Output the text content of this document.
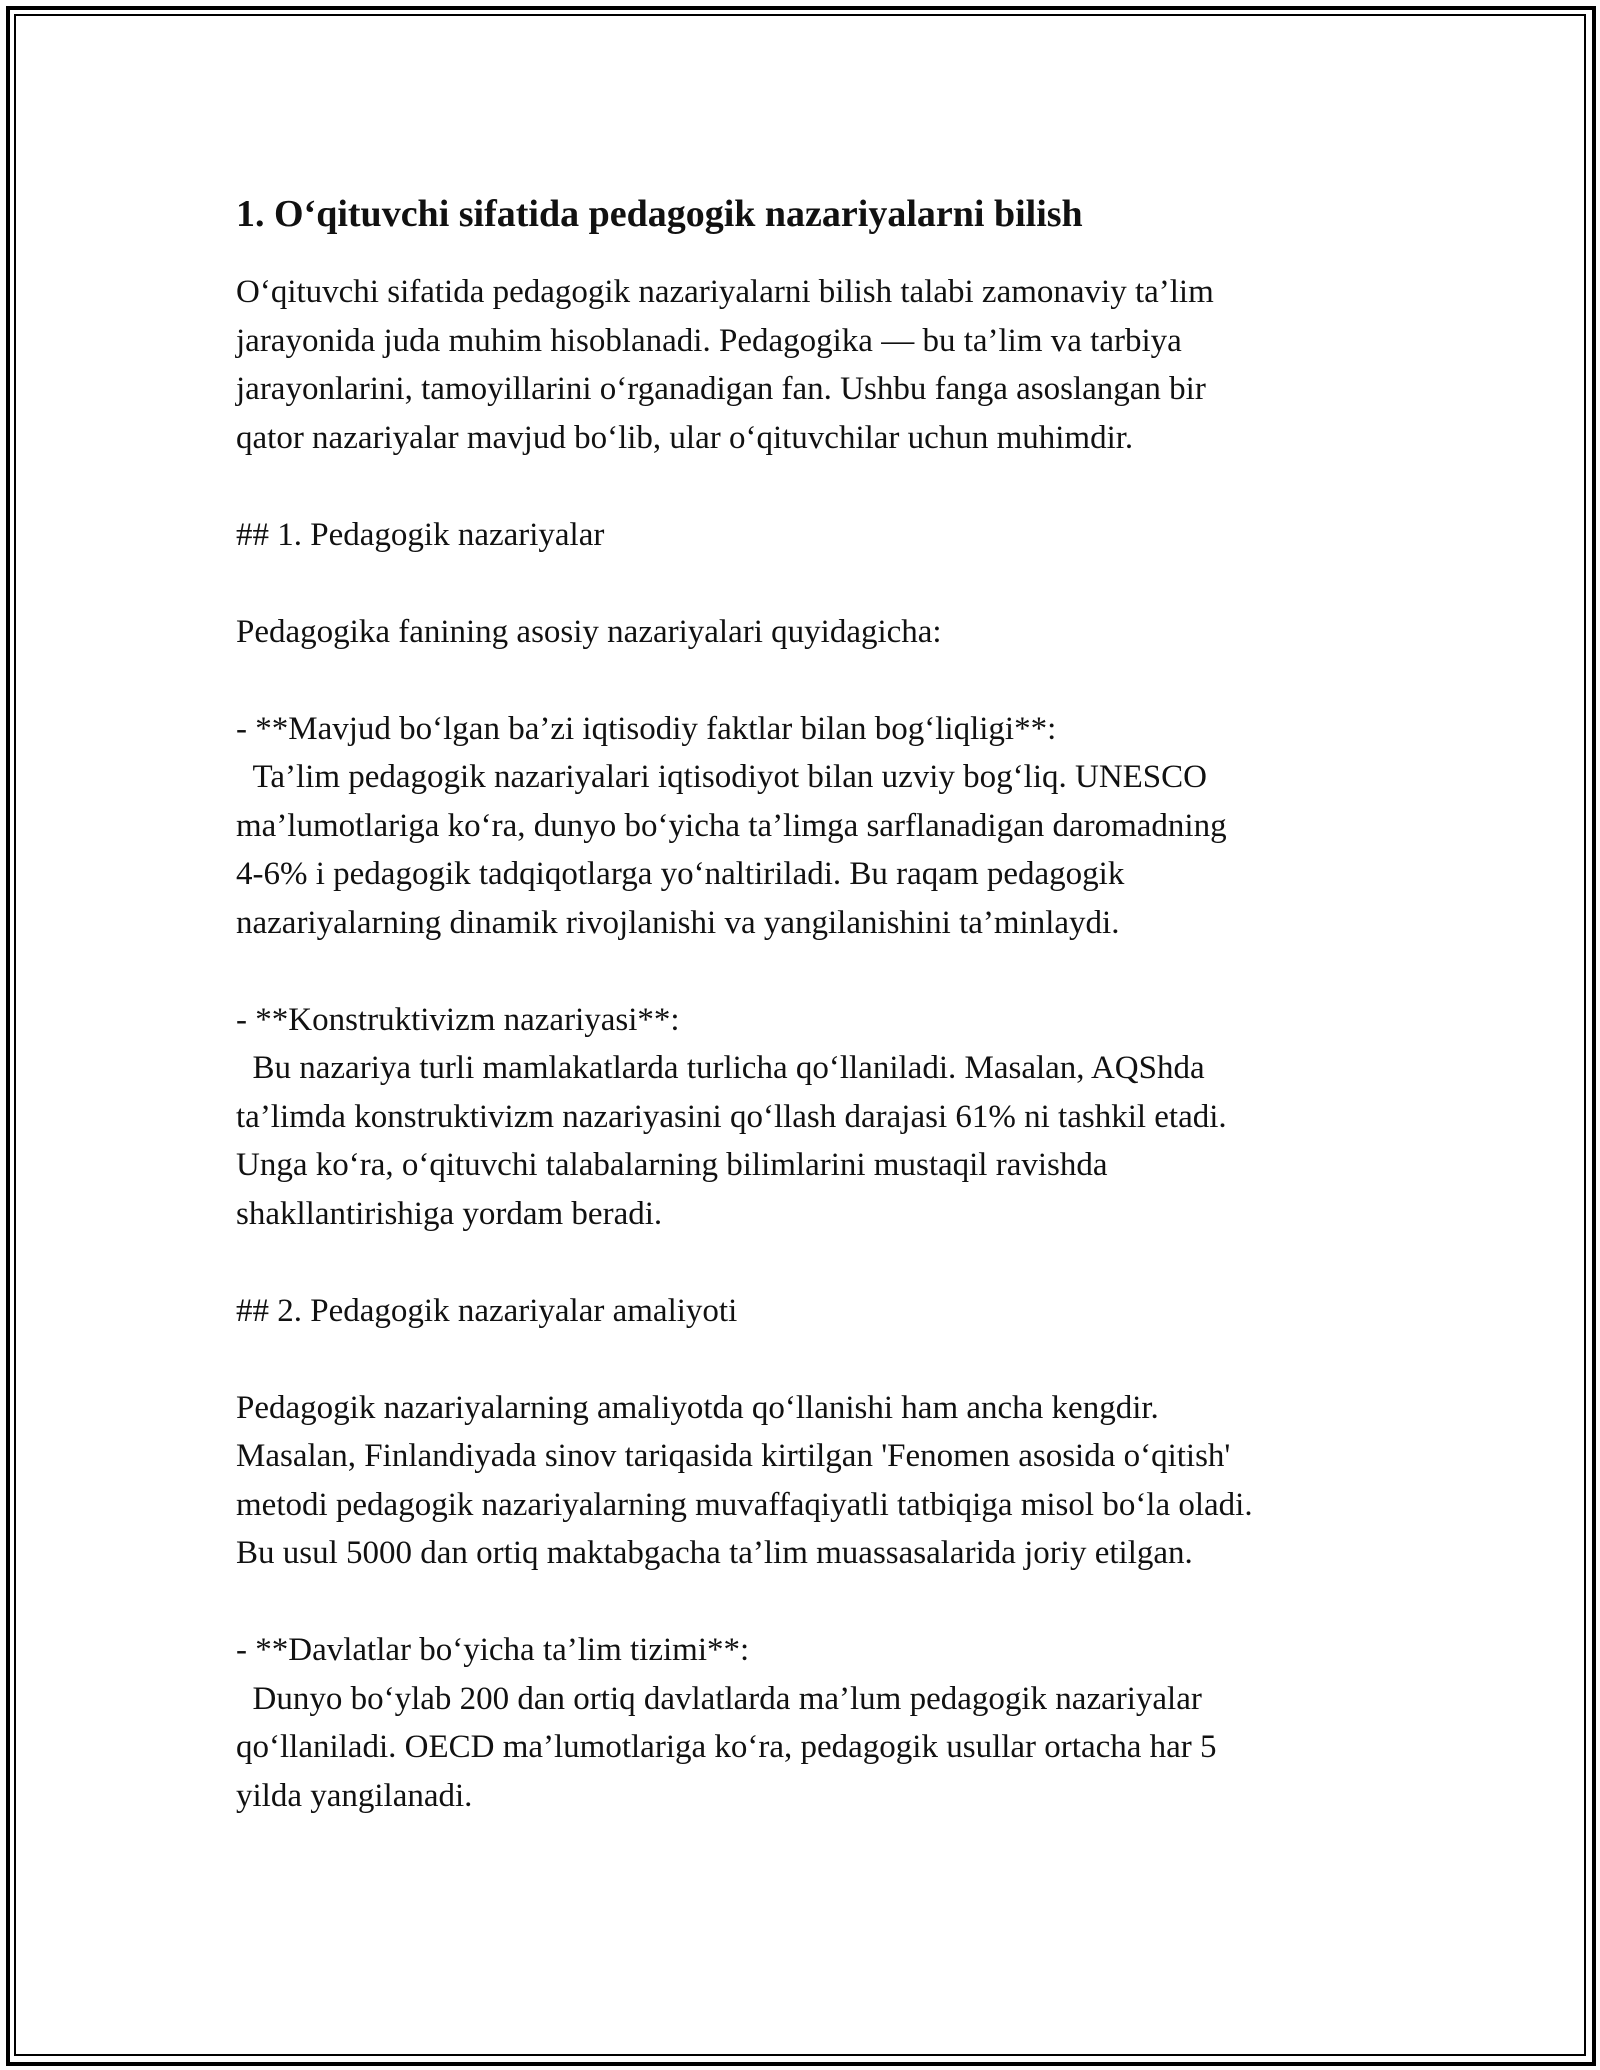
1. O‘qituvchi sifatida pedagogik nazariyalarni bilish

O‘qituvchi sifatida pedagogik nazariyalarni bilish talabi zamonaviy ta’lim
jarayonida juda muhim hisoblanadi. Pedagogika — bu ta’lim va tarbiya
jarayonlarini, tamoyillarini o‘rganadigan fan. Ushbu fanga asoslangan bir
qator nazariyalar mavjud bo‘lib, ular o‘qituvchilar uchun muhimdir.

## 1. Pedagogik nazariyalar

Pedagogika fanining asosiy nazariyalari quyidagicha:

- **Mavjud bo‘lgan ba’zi iqtisodiy faktlar bilan bog‘liqligi**:
Ta’lim pedagogik nazariyalari iqtisodiyot bilan uzviy bog‘liq. UNESCO
ma’lumotlariga ko‘ra, dunyo bo‘yicha ta’limga sarflanadigan daromadning
4-6% i pedagogik tadqiqotlarga yo‘naltiriladi. Bu raqam pedagogik
nazariyalarning dinamik rivojlanishi va yangilanishini ta’minlaydi.

- **Konstruktivizm nazariyasi**:
Bu nazariya turli mamlakatlarda turlicha qo‘llaniladi. Masalan, AQShda
ta’limda konstruktivizm nazariyasini qo‘llash darajasi 61% ni tashkil etadi.
Unga ko‘ra, o‘qituvchi talabalarning bilimlarini mustaqil ravishda
shakllantirishiga yordam beradi.

## 2. Pedagogik nazariyalar amaliyoti

Pedagogik nazariyalarning amaliyotda qo‘llanishi ham ancha kengdir.
Masalan, Finlandiyada sinov tariqasida kirtilgan 'Fenomen asosida o‘qitish'
metodi pedagogik nazariyalarning muvaffaqiyatli tatbiqiga misol bo‘la oladi.
Bu usul 5000 dan ortiq maktabgacha ta’lim muassasalarida joriy etilgan.

- **Davlatlar bo‘yicha ta’lim tizimi**:
Dunyo bo‘ylab 200 dan ortiq davlatlarda ma’lum pedagogik nazariyalar
qo‘llaniladi. OECD ma’lumotlariga ko‘ra, pedagogik usullar ortacha har 5
yilda yangilanadi.
